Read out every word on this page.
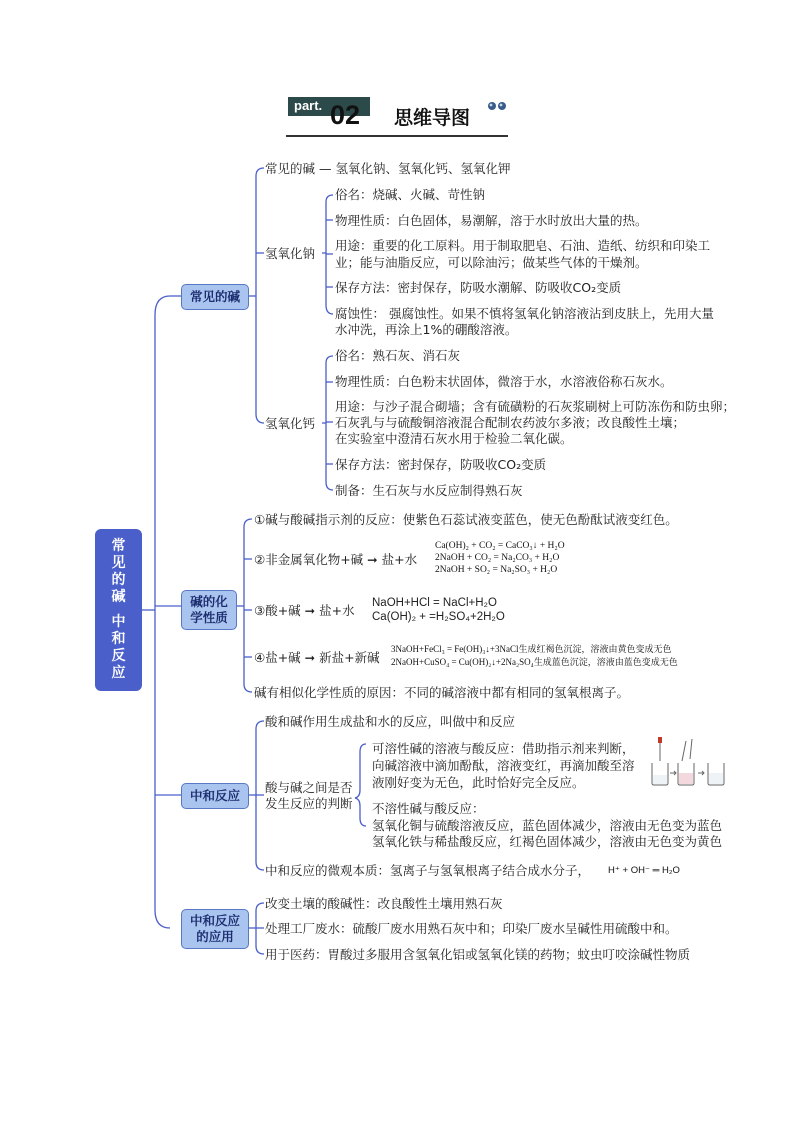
part. 02 思维导图
常
见
的
碱
中
和
反
应
常见的碱
碱的化
学性质
中和反应
中和反应
的应用
常见的碱 — 氢氧化钠、氢氧化钙、氢氧化钾
氢氧化钠
俗名：烧碱、火碱、苛性钠
物理性质：白色固体，易潮解，溶于水时放出大量的热。
用途：重要的化工原料。用于制取肥皂、石油、造纸、纺织和印染工
业；能与油脂反应，可以除油污；做某些气体的干燥剂。
保存方法：密封保存，防吸水潮解、防吸收CO₂变质
腐蚀性： 强腐蚀性。如果不慎将氢氧化钠溶液沾到皮肤上，先用大量
水冲洗，再涂上1%的硼酸溶液。
氢氧化钙
俗名：熟石灰、消石灰
物理性质：白色粉末状固体，微溶于水，水溶液俗称石灰水。
用途：与沙子混合砌墙；含有硫磺粉的石灰浆刷树上可防冻伤和防虫卵；
石灰乳与与硫酸铜溶液混合配制农药波尔多液；改良酸性土壤；
在实验室中澄清石灰水用于检验二氧化碳。
保存方法：密封保存，防吸收CO₂变质
制备：生石灰与水反应制得熟石灰
①碱与酸碱指示剂的反应：使紫色石蕊试液变蓝色，使无色酚酞试液变红色。
②非金属氧化物+碱 ➞ 盐+水
Ca(OH)₂ + CO₂ = CaCO₃↓ + H₂O
2NaOH + CO₂ = Na₂CO₃ + H₂O
2NaOH + SO₂ = Na₂SO₃ + H₂O
③酸+碱 ➞ 盐+水 NaOH+HCl = NaCl+H₂O
Ca(OH)₂ + =H₂SO₄+2H₂O
④盐+碱 ➞ 新盐+新碱
3NaOH+FeCl₃ = Fe(OH)₃↓+3NaCl生成红褐色沉淀，溶液由黄色变成无色
2NaOH+CuSO₄ = Cu(OH)₂↓+2Na₂SO₄生成蓝色沉淀，溶液由蓝色变成无色
碱有相似化学性质的原因：不同的碱溶液中都有相同的氢氧根离子。
酸和碱作用生成盐和水的反应，叫做中和反应
酸与碱之间是否
发生反应的判断
可溶性碱的溶液与酸反应：借助指示剂来判断，
向碱溶液中滴加酚酞，溶液变红，再滴加酸至溶
液刚好变为无色，此时恰好完全反应。
不溶性碱与酸反应：
氢氧化铜与硫酸溶液反应，蓝色固体减少，溶液由无色变为蓝色
氢氧化铁与稀盐酸反应，红褐色固体减少，溶液由无色变为黄色
中和反应的微观本质：氢离子与氢氧根离子结合成水分子， H⁺ + OH⁻ ═ H₂O
改变土壤的酸碱性：改良酸性土壤用熟石灰
处理工厂废水：硫酸厂废水用熟石灰中和；印染厂废水呈碱性用硫酸中和。
用于医药：胃酸过多服用含氢氧化铝或氢氧化镁的药物；蚊虫叮咬涂碱性物质
